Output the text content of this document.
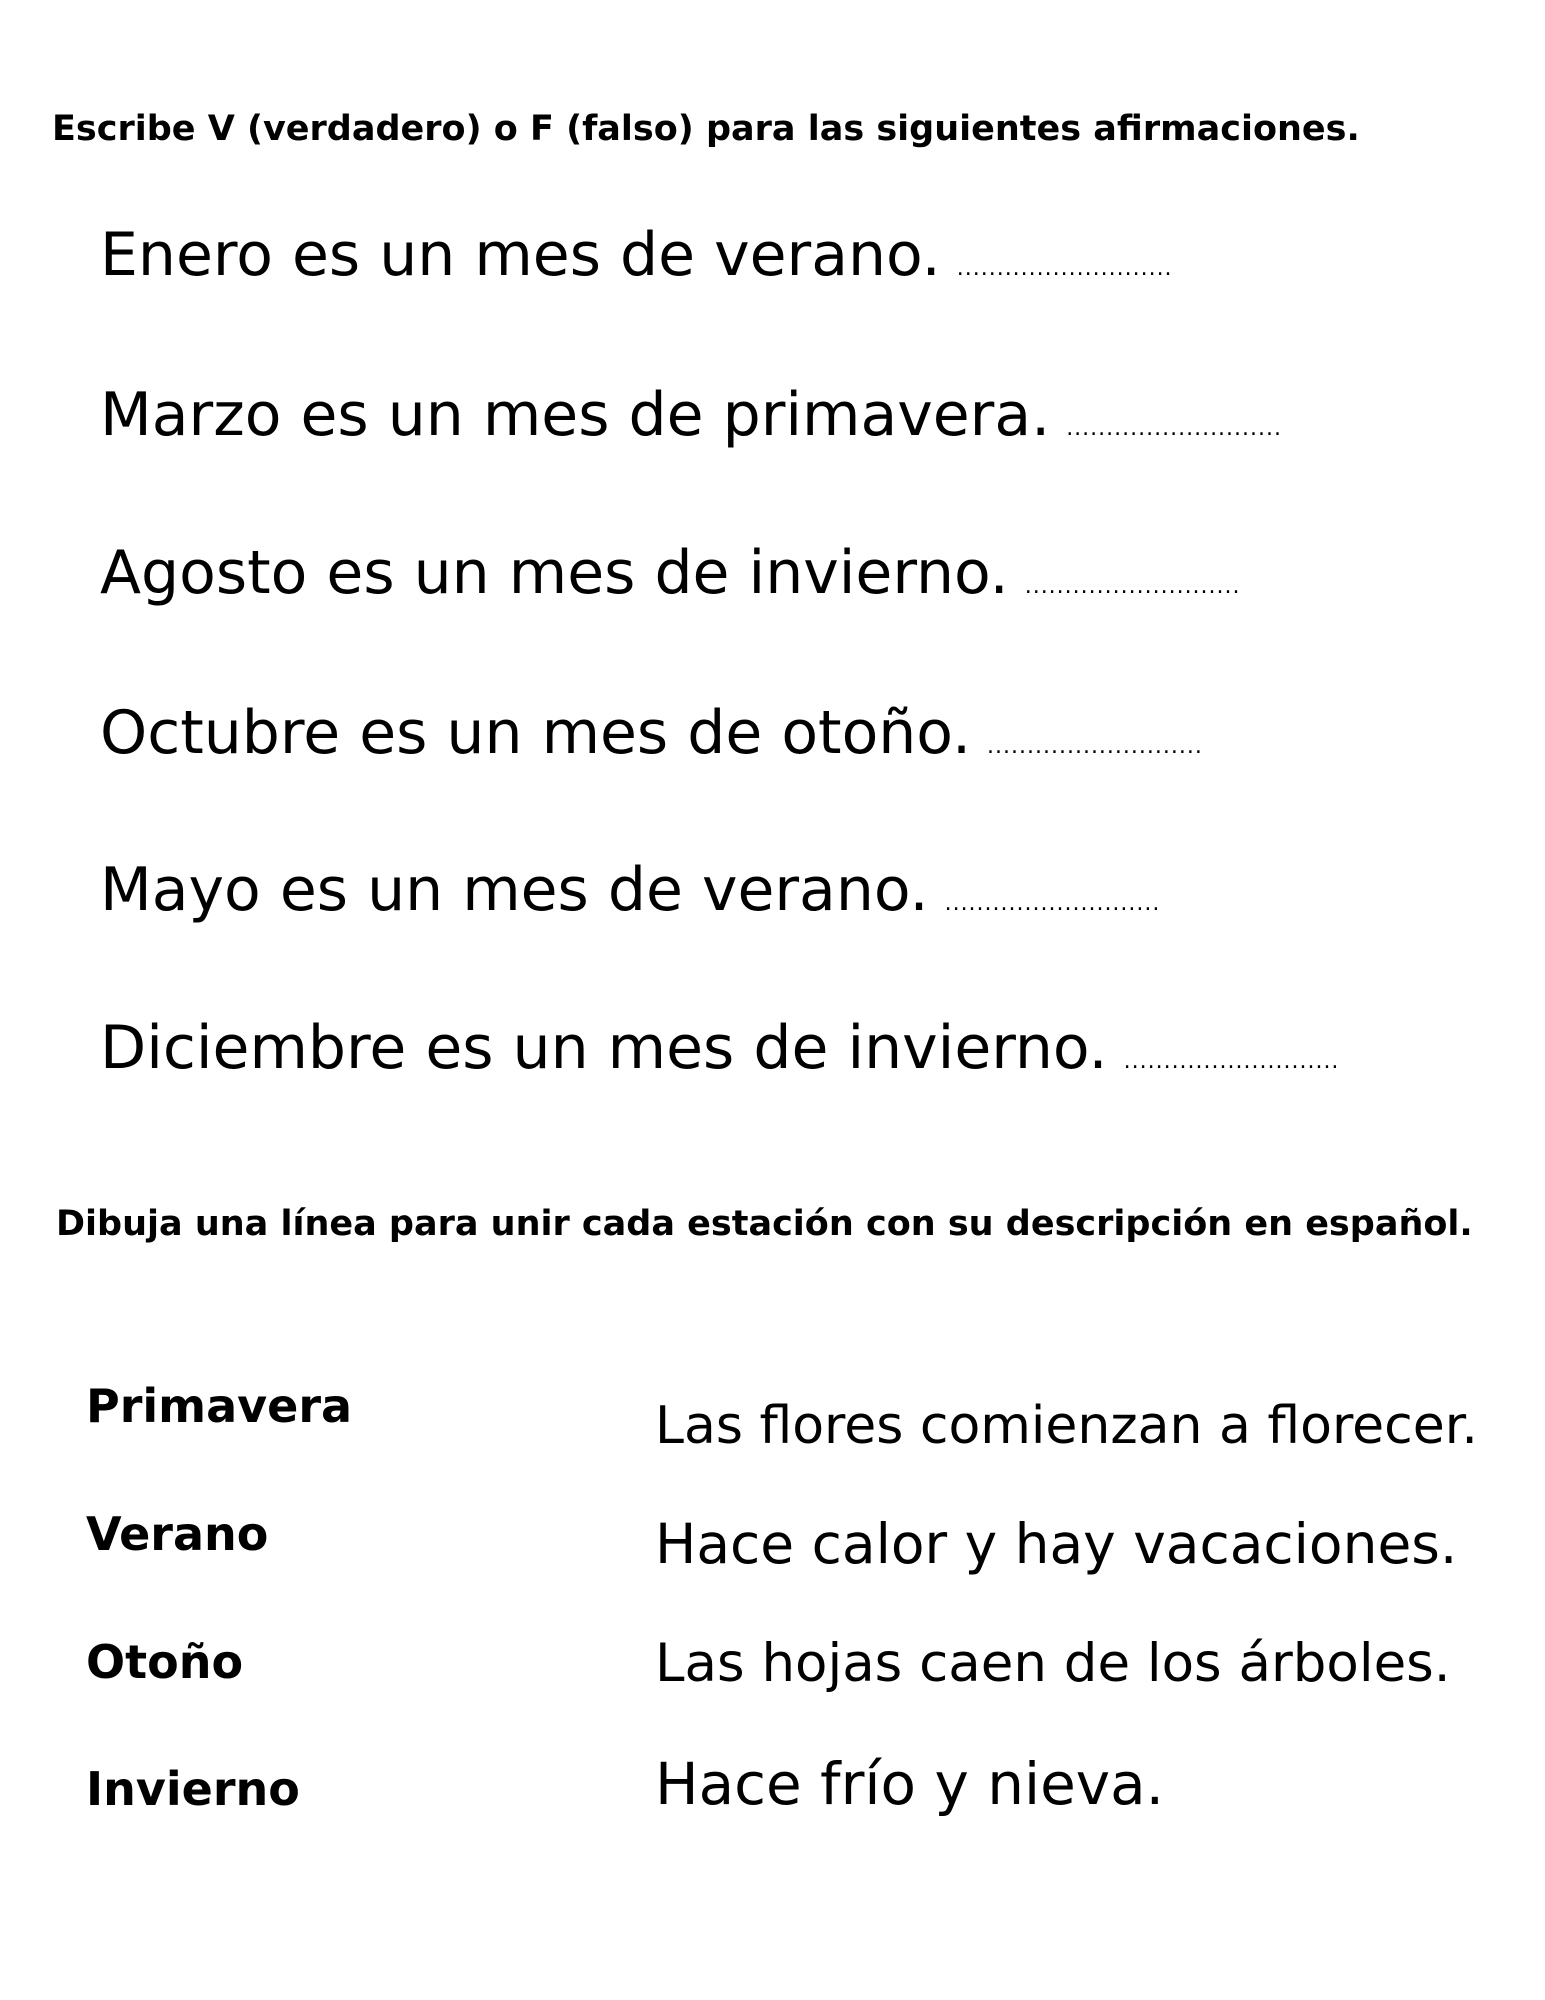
Escribe V (verdadero) o F (falso) para las siguientes afirmaciones.
Enero es un mes de verano. ...........................
Marzo es un mes de primavera. ...........................
Agosto es un mes de invierno. ...........................
Octubre es un mes de otoño. ...........................
Mayo es un mes de verano. ...........................
Diciembre es un mes de invierno. ...........................
Dibuja una línea para unir cada estación con su descripción en español.
Primavera
Verano
Otoño
Invierno
Las flores comienzan a florecer.
Hace calor y hay vacaciones.
Las hojas caen de los árboles.
Hace frío y nieva.
